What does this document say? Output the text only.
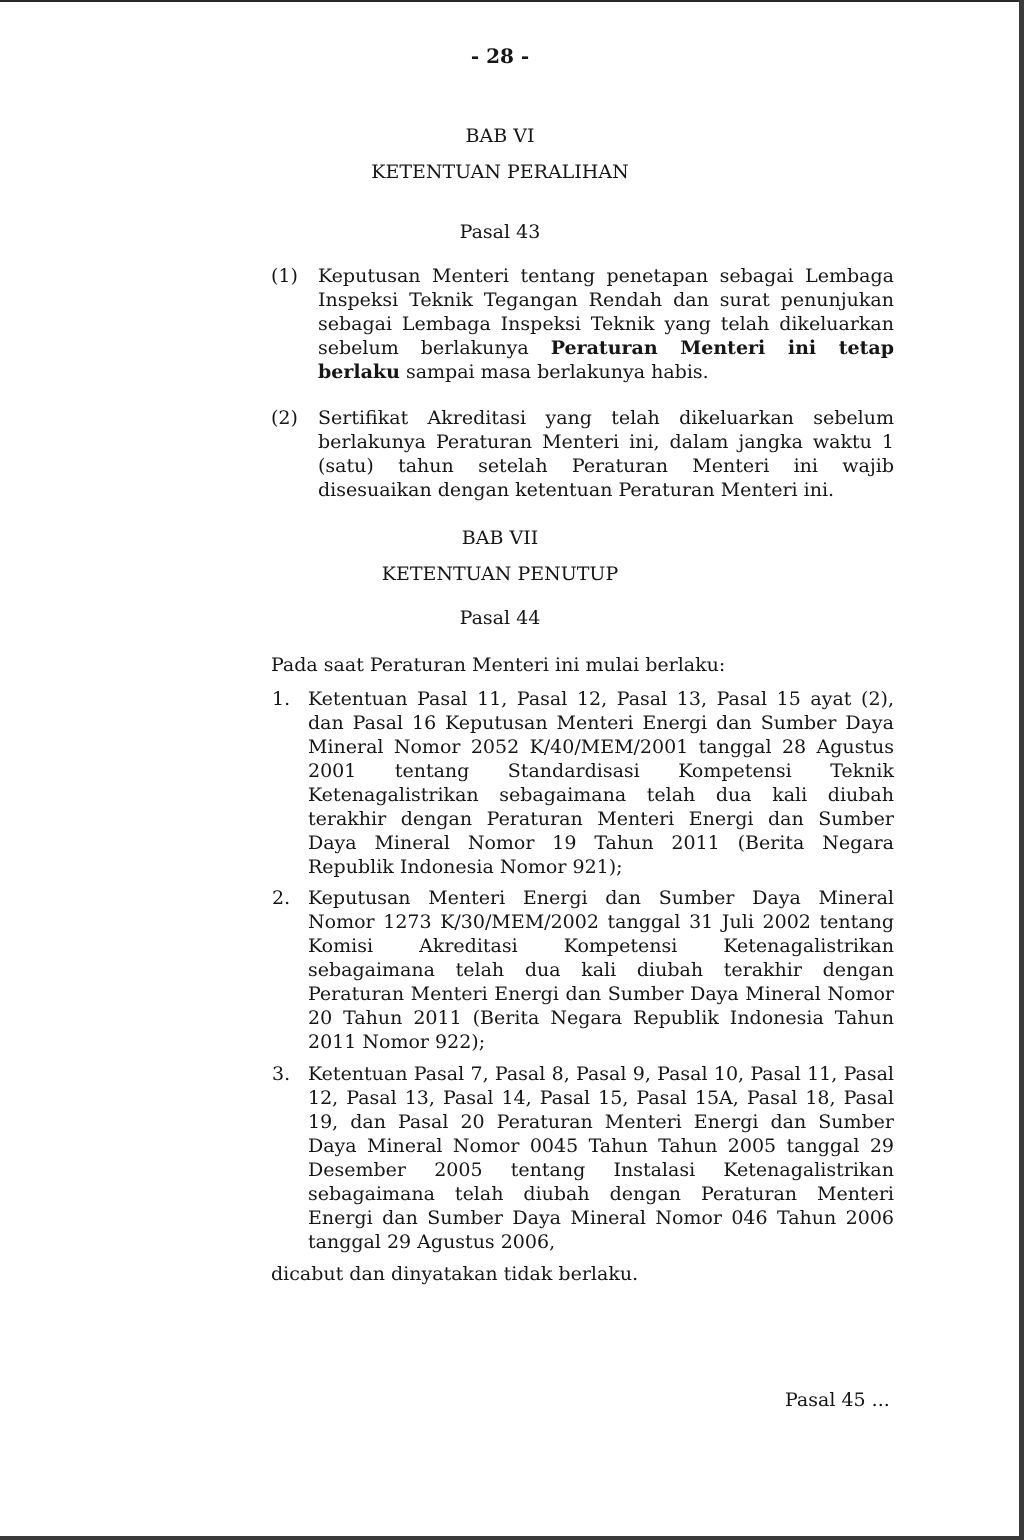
- 28 -
BAB VI
KETENTUAN PERALIHAN
Pasal 43
(1) Keputusan Menteri tentang penetapan sebagai Lembaga Inspeksi Teknik Tegangan Rendah dan surat penunjukan sebagai Lembaga Inspeksi Teknik yang telah dikeluarkan sebelum berlakunya Peraturan Menteri ini tetap berlaku sampai masa berlakunya habis.
(2) Sertifikat Akreditasi yang telah dikeluarkan sebelum berlakunya Peraturan Menteri ini, dalam jangka waktu 1 (satu) tahun setelah Peraturan Menteri ini wajib disesuaikan dengan ketentuan Peraturan Menteri ini.
BAB VII
KETENTUAN PENUTUP
Pasal 44
Pada saat Peraturan Menteri ini mulai berlaku:
1. Ketentuan Pasal 11, Pasal 12, Pasal 13, Pasal 15 ayat (2), dan Pasal 16 Keputusan Menteri Energi dan Sumber Daya Mineral Nomor 2052 K/40/MEM/2001 tanggal 28 Agustus 2001 tentang Standardisasi Kompetensi Teknik Ketenagalistrikan sebagaimana telah dua kali diubah terakhir dengan Peraturan Menteri Energi dan Sumber Daya Mineral Nomor 19 Tahun 2011 (Berita Negara Republik Indonesia Nomor 921);
2. Keputusan Menteri Energi dan Sumber Daya Mineral Nomor 1273 K/30/MEM/2002 tanggal 31 Juli 2002 tentang Komisi Akreditasi Kompetensi Ketenagalistrikan sebagaimana telah dua kali diubah terakhir dengan Peraturan Menteri Energi dan Sumber Daya Mineral Nomor 20 Tahun 2011 (Berita Negara Republik Indonesia Tahun 2011 Nomor 922);
3. Ketentuan Pasal 7, Pasal 8, Pasal 9, Pasal 10, Pasal 11, Pasal 12, Pasal 13, Pasal 14, Pasal 15, Pasal 15A, Pasal 18, Pasal 19, dan Pasal 20 Peraturan Menteri Energi dan Sumber Daya Mineral Nomor 0045 Tahun Tahun 2005 tanggal 29 Desember 2005 tentang Instalasi Ketenagalistrikan sebagaimana telah diubah dengan Peraturan Menteri Energi dan Sumber Daya Mineral Nomor 046 Tahun 2006 tanggal 29 Agustus 2006,
dicabut dan dinyatakan tidak berlaku.
Pasal 45 ...
